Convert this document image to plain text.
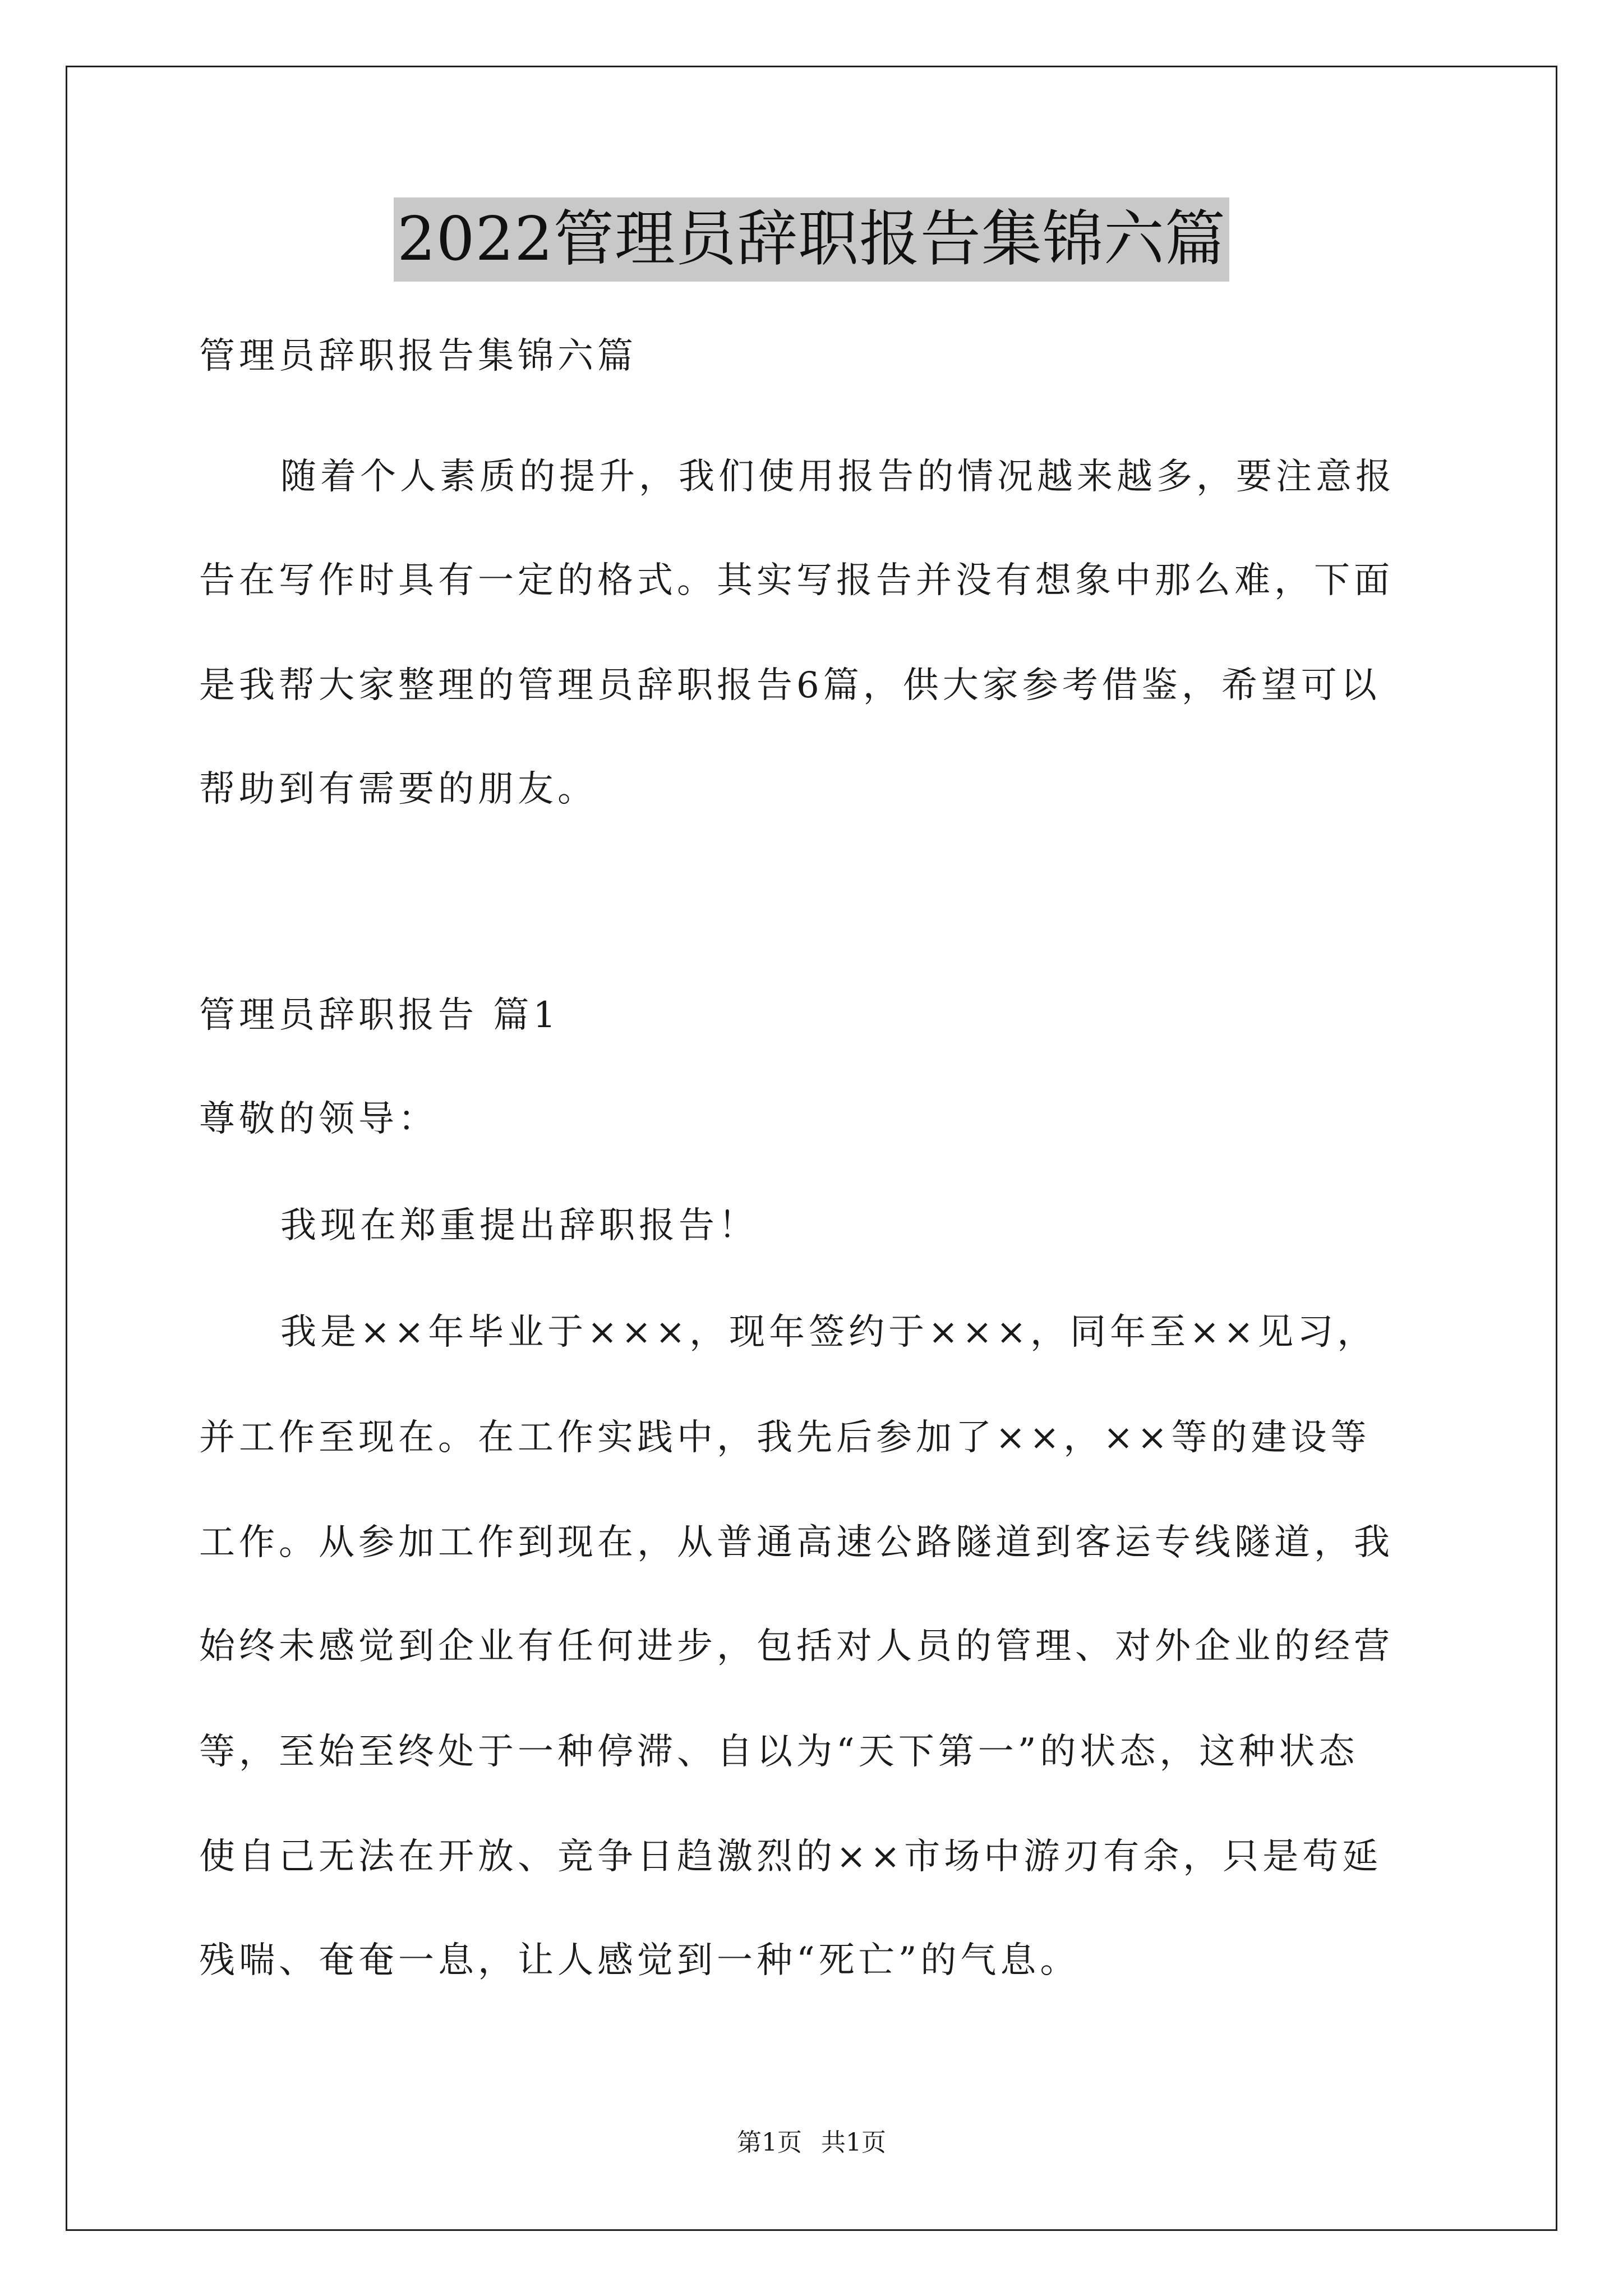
2022管理员辞职报告集锦六篇
管理员辞职报告集锦六篇
随着个人素质的提升，我们使用报告的情况越来越多，要注意报
告在写作时具有一定的格式。其实写报告并没有想象中那么难，下面
是我帮大家整理的管理员辞职报告6篇，供大家参考借鉴，希望可以
帮助到有需要的朋友。
管理员辞职报告 篇1
尊敬的领导：
我现在郑重提出辞职报告！
我是××年毕业于×××，现年签约于×××，同年至××见习，
并工作至现在。在工作实践中，我先后参加了××，××等的建设等
工作。从参加工作到现在，从普通高速公路隧道到客运专线隧道，我
始终未感觉到企业有任何进步，包括对人员的管理、对外企业的经营
等，至始至终处于一种停滞、自以为“天下第一”的状态，这种状态
使自己无法在开放、竞争日趋激烈的××市场中游刃有余，只是苟延
残喘、奄奄一息，让人感觉到一种“死亡”的气息。
第1页 共1页
